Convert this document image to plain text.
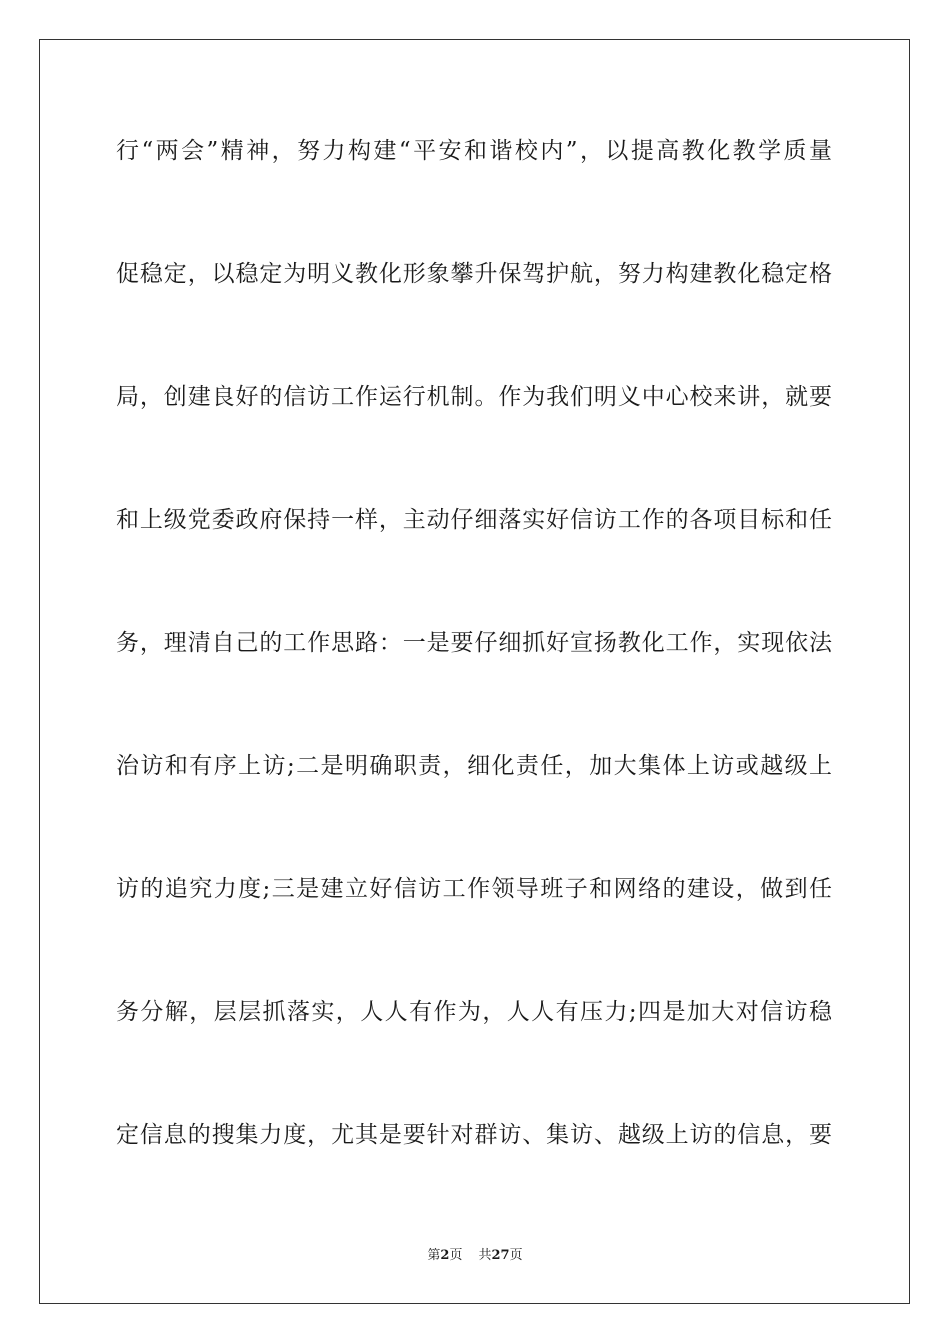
行“两会”精神，努力构建“平安和谐校内”，以提高教化教学质量
促稳定，以稳定为明义教化形象攀升保驾护航，努力构建教化稳定格
局，创建良好的信访工作运行机制。作为我们明义中心校来讲，就要
和上级党委政府保持一样，主动仔细落实好信访工作的各项目标和任
务，理清自己的工作思路：一是要仔细抓好宣扬教化工作，实现依法
治访和有序上访;二是明确职责，细化责任，加大集体上访或越级上
访的追究力度;三是建立好信访工作领导班子和网络的建设，做到任
务分解，层层抓落实，人人有作为，人人有压力;四是加大对信访稳
定信息的搜集力度，尤其是要针对群访、集访、越级上访的信息，要
第2页 共27页
